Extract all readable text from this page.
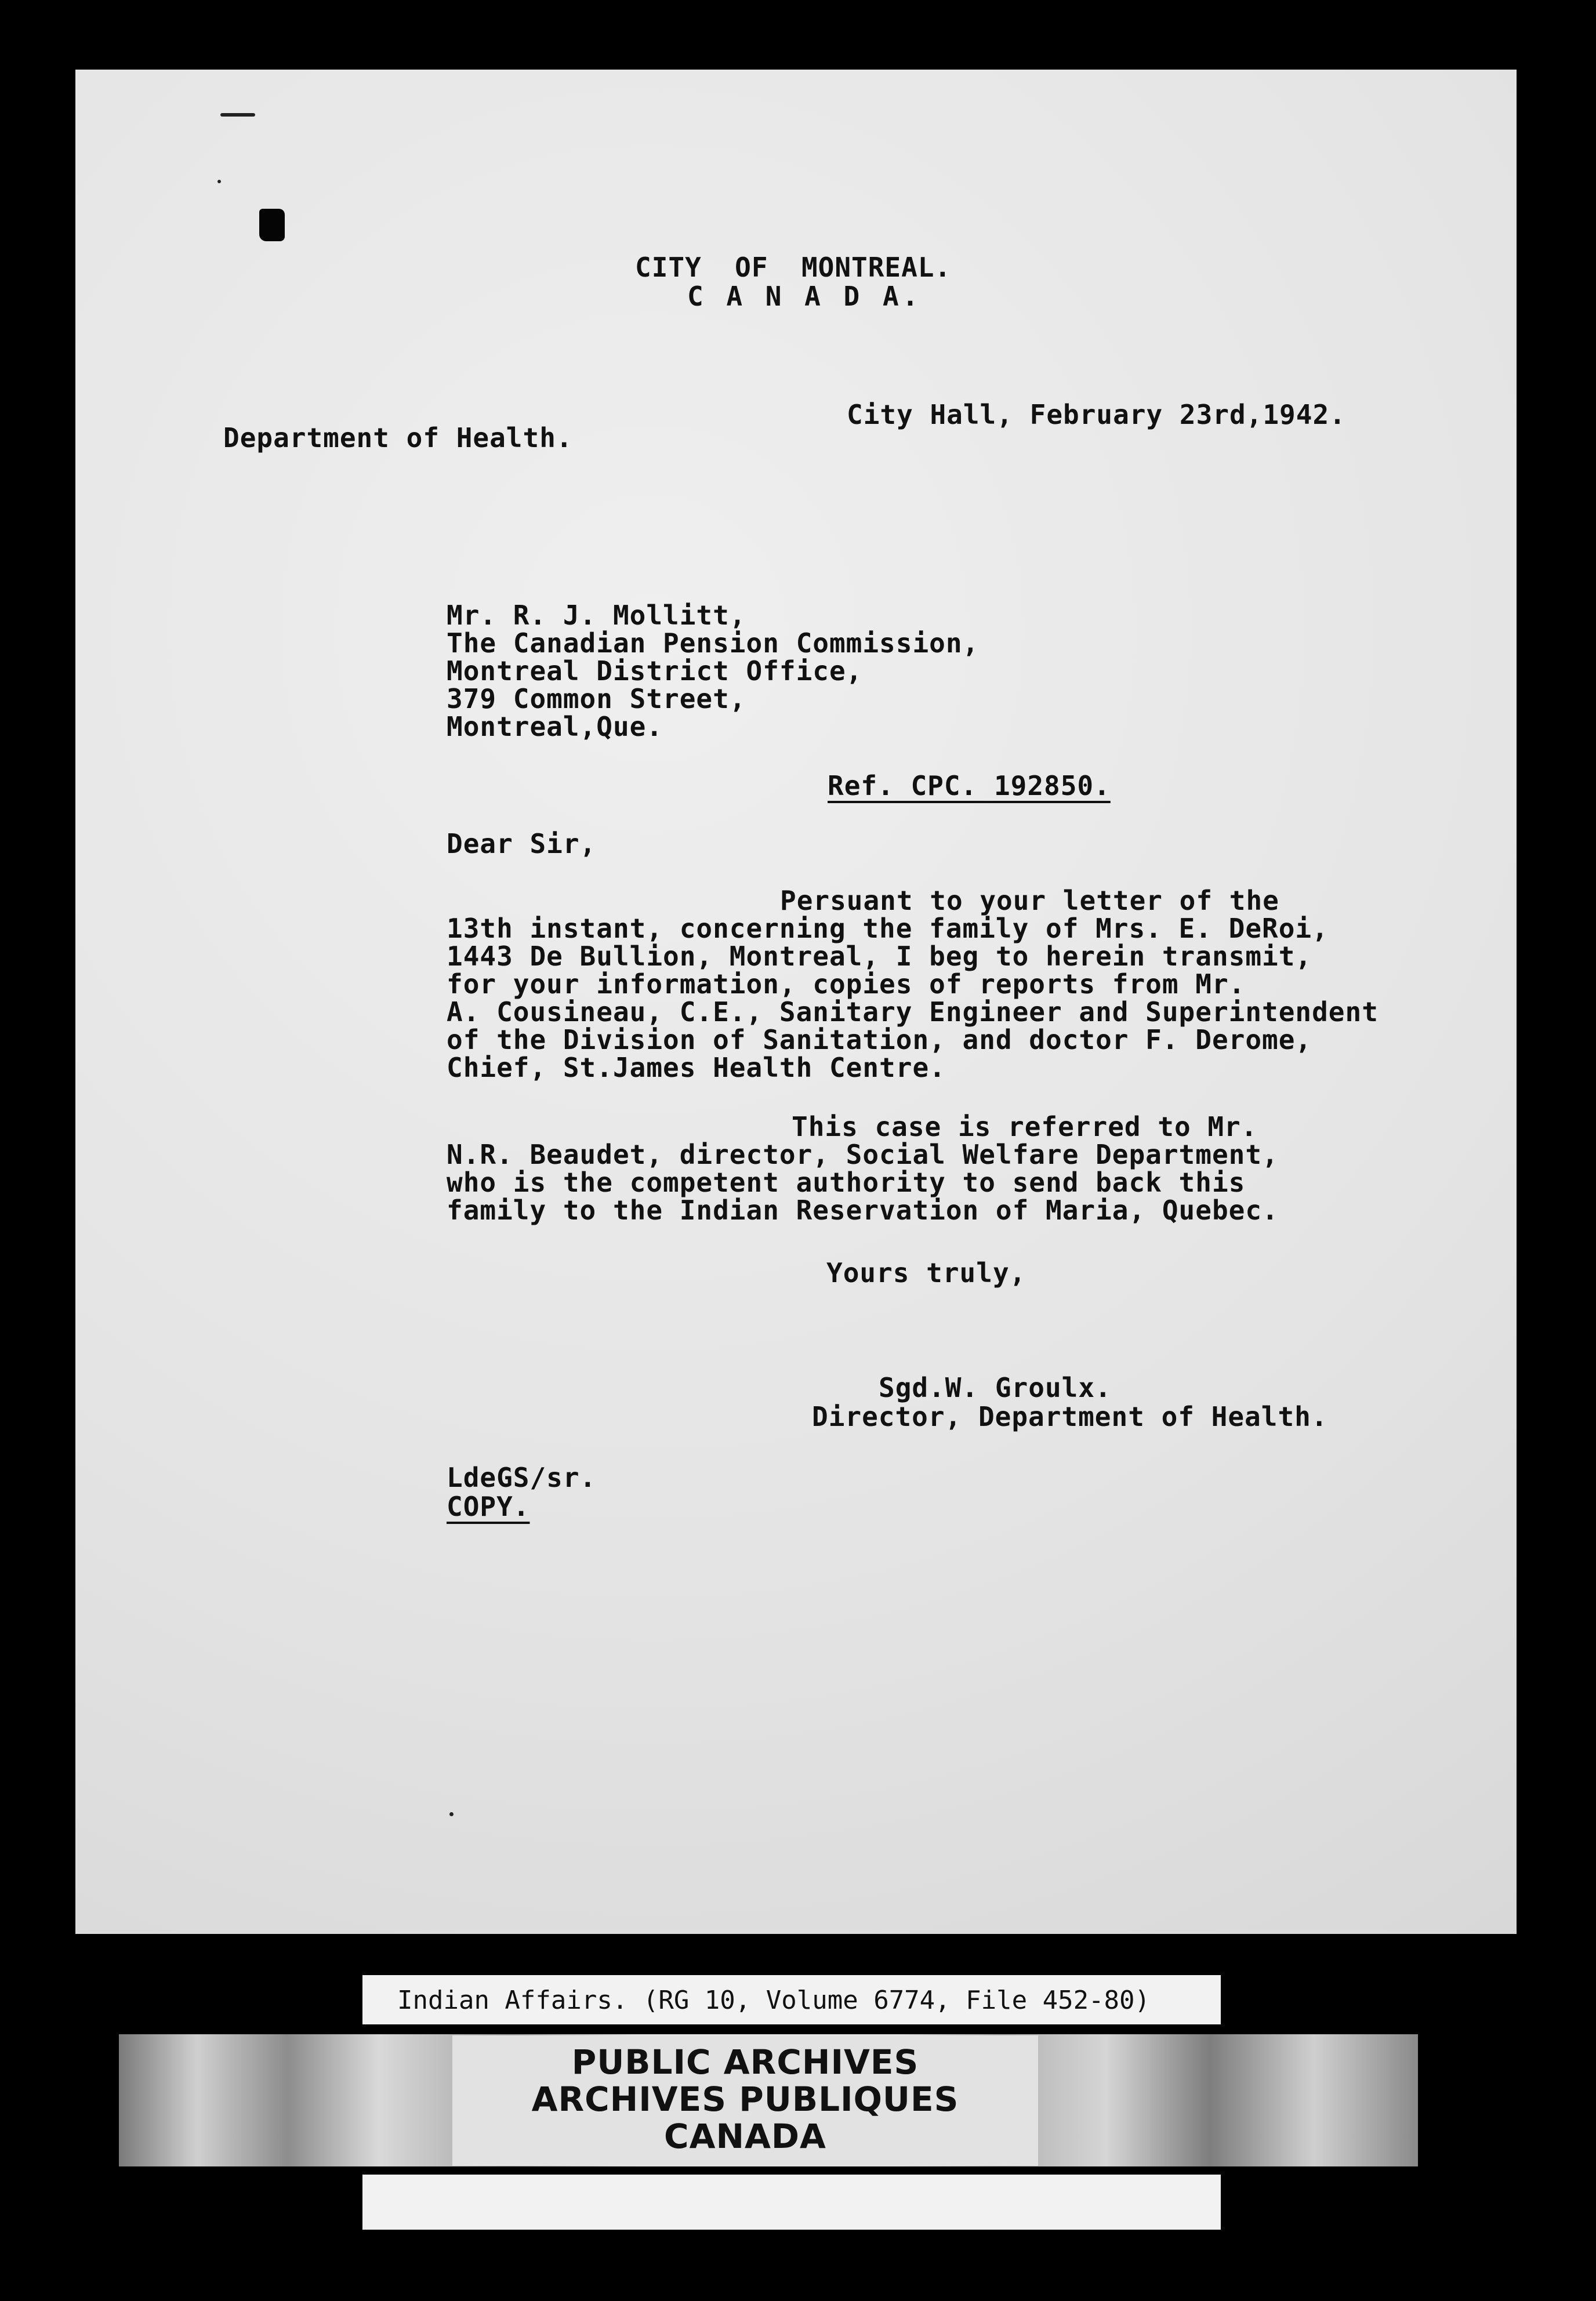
CITY  OF  MONTREAL.
C A N A D A.
City Hall, February 23rd,1942.
Department of Health.
Mr. R. J. Mollitt,
The Canadian Pension Commission,
Montreal District Office,
379 Common Street,
Montreal,Que.
Ref. CPC. 192850.
Dear Sir,
Persuant to your letter of the
13th instant, concerning the family of Mrs. E. DeRoi,
1443 De Bullion, Montreal, I beg to herein transmit,
for your information, copies of reports from Mr.
A. Cousineau, C.E., Sanitary Engineer and Superintendent
of the Division of Sanitation, and doctor F. Derome,
Chief, St.James Health Centre.
This case is referred to Mr.
N.R. Beaudet, director, Social Welfare Department,
who is the competent authority to send back this
family to the Indian Reservation of Maria, Quebec.
Yours truly,
Sgd.W. Groulx.
Director, Department of Health.
LdeGS/sr.
COPY.
Indian Affairs. (RG 10, Volume 6774, File 452-80)
PUBLIC ARCHIVES
ARCHIVES PUBLIQUES
CANADA
